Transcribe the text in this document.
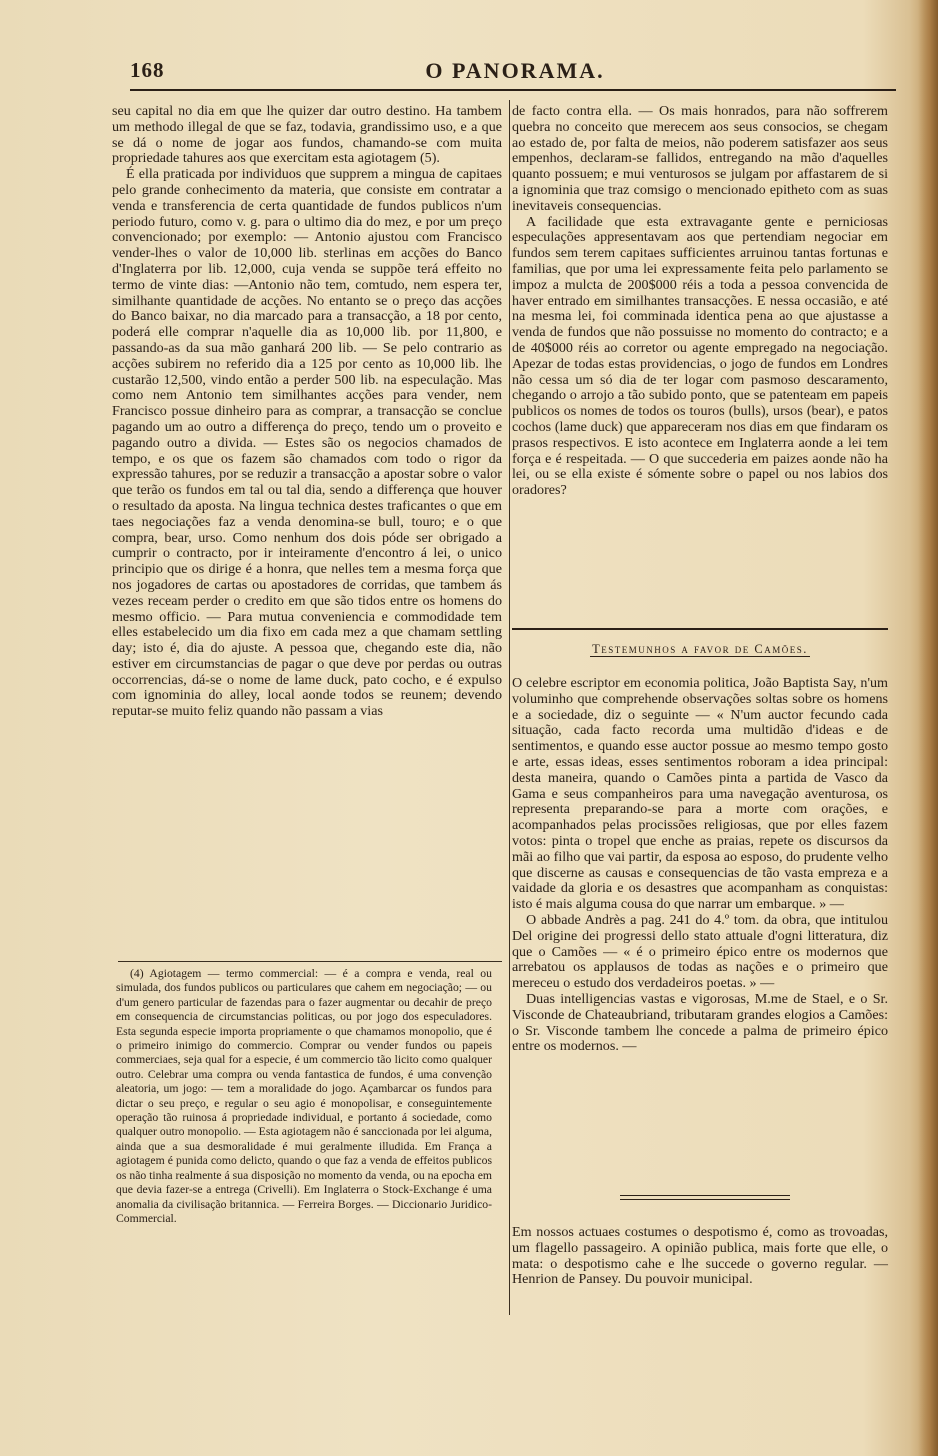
168	O PANORAMA.

seu capital no dia em que lhe quizer dar outro destino. Ha tambem um methodo illegal de que se faz, todavia, grandissimo uso, e a que se dá o nome de jogar aos fundos, chamando-se com muita propriedade tahures aos que exercitam esta agiotagem (5).

É ella praticada por individuos que supprem a mingua de capitaes pelo grande conhecimento da materia, que consiste em contratar a venda e transferencia de certa quantidade de fundos publicos n'um periodo futuro, como v. g. para o ultimo dia do mez, e por um preço convencionado; por exemplo: — Antonio ajustou com Francisco vender-lhes o valor de 10,000 lib. sterlinas em acções do Banco d'Inglaterra por lib. 12,000, cuja venda se suppõe terá effeito no termo de vinte dias: —Antonio não tem, comtudo, nem espera ter, similhante quantidade de acções. No entanto se o preço das acções do Banco baixar, no dia marcado para a transacção, a 18 por cento, poderá elle comprar n'aquelle dia as 10,000 lib. por 11,800, e passando-as da sua mão ganhará 200 lib. — Se pelo contrario as acções subirem no referido dia a 125 por cento as 10,000 lib. lhe custarão 12,500, vindo então a perder 500 lib. na especulação. Mas como nem Antonio tem similhantes acções para vender, nem Francisco possue dinheiro para as comprar, a transacção se conclue pagando um ao outro a differença do preço, tendo um o proveito e pagando outro a divida. — Estes são os negocios chamados de tempo, e os que os fazem são chamados com todo o rigor da expressão tahures, por se reduzir a transacção a apostar sobre o valor que terão os fundos em tal ou tal dia, sendo a differença que houver o resultado da aposta. Na lingua technica destes traficantes o que em taes negociações faz a venda denomina-se bull, touro; e o que compra, bear, urso. Como nenhum dos dois póde ser obrigado a cumprir o contracto, por ir inteiramente d'encontro á lei, o unico principio que os dirige é a honra, que nelles tem a mesma força que nos jogadores de cartas ou apostadores de corridas, que tambem ás vezes receam perder o credito em que são tidos entre os homens do mesmo officio. — Para mutua conveniencia e commodidade tem elles estabelecido um dia fixo em cada mez a que chamam settling day; isto é, dia do ajuste. A pessoa que, chegando este dia, não estiver em circumstancias de pagar o que deve por perdas ou outras occorrencias, dá-se o nome de lame duck, pato cocho, e é expulso com ignominia do alley, local aonde todos se reunem; devendo reputar-se muito feliz quando não passam a vias

(4) Agiotagem — termo commercial: — é a compra e venda, real ou simulada, dos fundos publicos ou particulares que cahem em negociação; — ou d'um genero particular de fazendas para o fazer augmentar ou decahir de preço em consequencia de circumstancias politicas, ou por jogo dos especuladores. Esta segunda especie importa propriamente o que chamamos monopolio, que é o primeiro inimigo do commercio. Comprar ou vender fundos ou papeis commerciaes, seja qual for a especie, é um commercio tão licito como qualquer outro. Celebrar uma compra ou venda fantastica de fundos, é uma convenção aleatoria, um jogo: — tem a moralidade do jogo. Açambarcar os fundos para dictar o seu preço, e regular o seu agio é monopolisar, e conseguintemente operação tão ruinosa á propriedade individual, e portanto á sociedade, como qualquer outro monopolio. — Esta agiotagem não é sanccionada por lei alguma, ainda que a sua desmoralidade é mui geralmente illudida. Em França a agiotagem é punida como delicto, quando o que faz a venda de effeitos publicos os não tinha realmente á sua disposição no momento da venda, ou na epocha em que devia fazer-se a entrega (Crivelli). Em Inglaterra o Stock-Exchange é uma anomalia da civilisação britannica. — Ferreira Borges. — Diccionario Juridico-Commercial.

de facto contra ella. — Os mais honrados, para não soffrerem quebra no conceito que merecem aos seus consocios, se chegam ao estado de, por falta de meios, não poderem satisfazer aos seus empenhos, declaram-se fallidos, entregando na mão d'aquelles quanto possuem; e mui venturosos se julgam por affastarem de si a ignominia que traz comsigo o mencionado epitheto com as suas inevitaveis consequencias.

A facilidade que esta extravagante gente e perniciosas especulações appresentavam aos que pertendiam negociar em fundos sem terem capitaes sufficientes arruinou tantas fortunas e familias, que por uma lei expressamente feita pelo parlamento se impoz a mulcta de 200$000 réis a toda a pessoa convencida de haver entrado em similhantes transacções. E nessa occasião, e até na mesma lei, foi comminada identica pena ao que ajustasse a venda de fundos que não possuisse no momento do contracto; e a de 40$000 réis ao corretor ou agente empregado na negociação. Apezar de todas estas providencias, o jogo de fundos em Londres não cessa um só dia de ter logar com pasmoso descaramento, chegando o arrojo a tão subido ponto, que se patenteam em papeis publicos os nomes de todos os touros (bulls), ursos (bear), e patos cochos (lame duck) que appareceram nos dias em que findaram os prasos respectivos. E isto acontece em Inglaterra aonde a lei tem força e é respeitada. — O que succederia em paizes aonde não ha lei, ou se ella existe é sómente sobre o papel ou nos labios dos oradores?

Testemunhos a favor de Camões.

O celebre escriptor em economia politica, João Baptista Say, n'um voluminho que comprehende observações soltas sobre os homens e a sociedade, diz o seguinte — « N'um auctor fecundo cada situação, cada facto recorda uma multidão d'ideas e de sentimentos, e quando esse auctor possue ao mesmo tempo gosto e arte, essas ideas, esses sentimentos roboram a idea principal: desta maneira, quando o Camões pinta a partida de Vasco da Gama e seus companheiros para uma navegação aventurosa, os representa preparando-se para a morte com orações, e acompanhados pelas procissões religiosas, que por elles fazem votos: pinta o tropel que enche as praias, repete os discursos da mãi ao filho que vai partir, da esposa ao esposo, do prudente velho que discerne as causas e consequencias de tão vasta empreza e a vaidade da gloria e os desastres que acompanham as conquistas: isto é mais alguma cousa do que narrar um embarque. » —

O abbade Andrès a pag. 241 do 4.º tom. da obra, que intitulou Del origine dei progressi dello stato attuale d'ogni litteratura, diz que o Camões — « é o primeiro épico entre os modernos que arrebatou os applausos de todas as nações e o primeiro que mereceu o estudo dos verdadeiros poetas. » —

Duas intelligencias vastas e vigorosas, M.me de Stael, e o Sr. Visconde de Chateaubriand, tributaram grandes elogios a Camões: o Sr. Visconde tambem lhe concede a palma de primeiro épico entre os modernos. —

Em nossos actuaes costumes o despotismo é, como as trovoadas, um flagello passageiro. A opinião publica, mais forte que elle, o mata: o despotismo cahe e lhe succede o governo regular. — Henrion de Pansey. Du pouvoir municipal.
